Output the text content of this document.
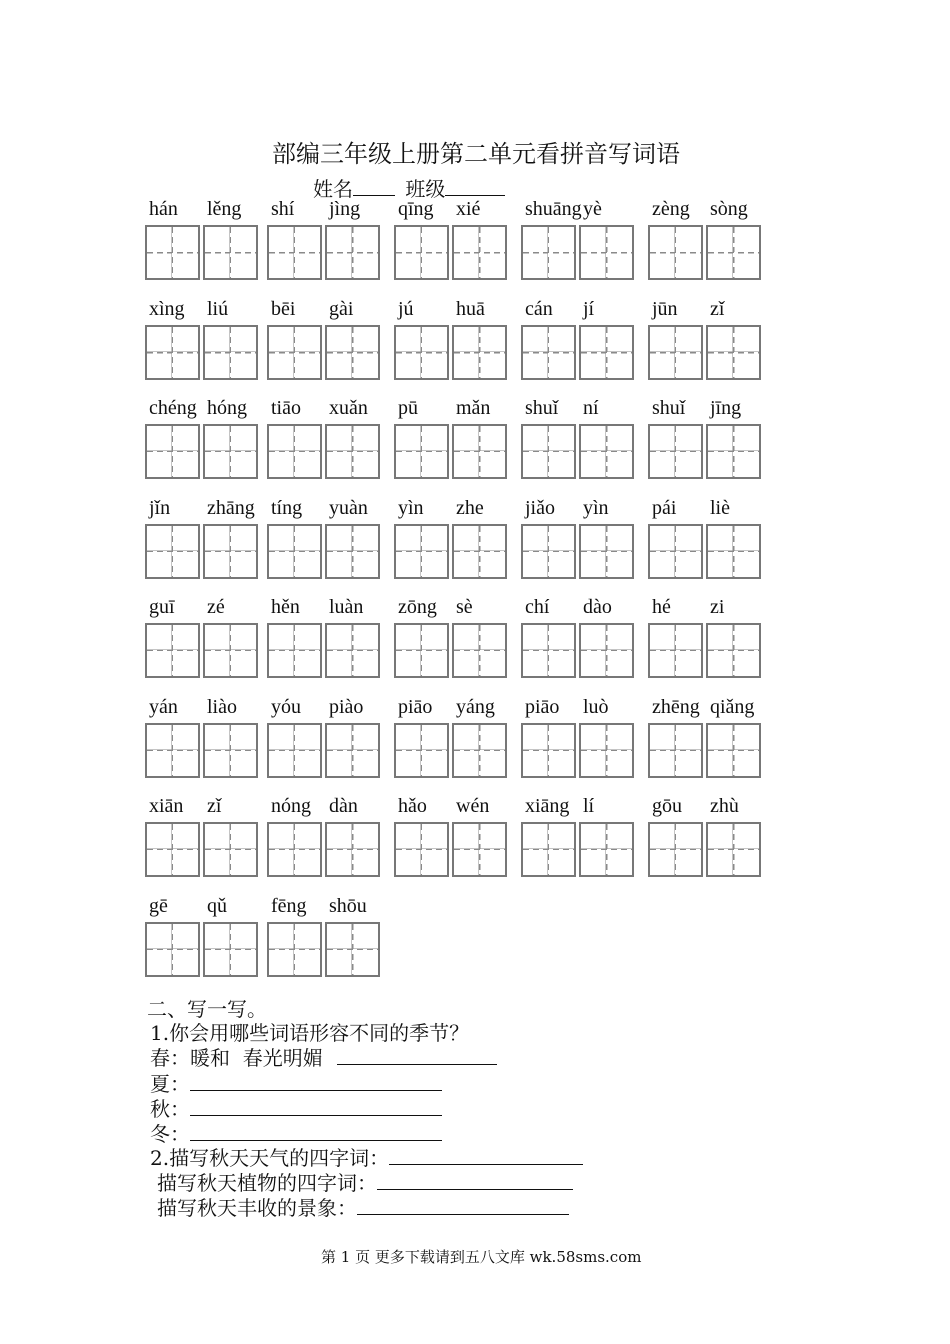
部编三年级上册第二单元看拼音写词语
姓名	班级
hán lěng shí jìng qīng xié shuāng yè	zèng sòng
xìng liú bēi gài jú huā cán jí	jūn zǐ
chéng hóng tiāo xuǎn pū mǎn shuǐ ní	shuǐ jīng
jǐn zhāng tíng yuàn yìn zhe jiǎo yìn pái liè
guī zé hěn luàn zōng sè	chí dào hé zi
yán liào yóu piào piāo yáng piāo luò zhēng qiǎng
xiān zǐ nóng dàn hǎo wén xiāng lí	gōu zhù
gē qǔ fēng shōu
二、写一写。
1.你会用哪些词语形容不同的季节？
春：暖和  春光明媚
夏：
秋：
冬：
2.描写秋天天气的四字词：
描写秋天植物的四字词：
描写秋天丰收的景象：
第 1 页 更多下载请到五八文库 wk.58sms.com
